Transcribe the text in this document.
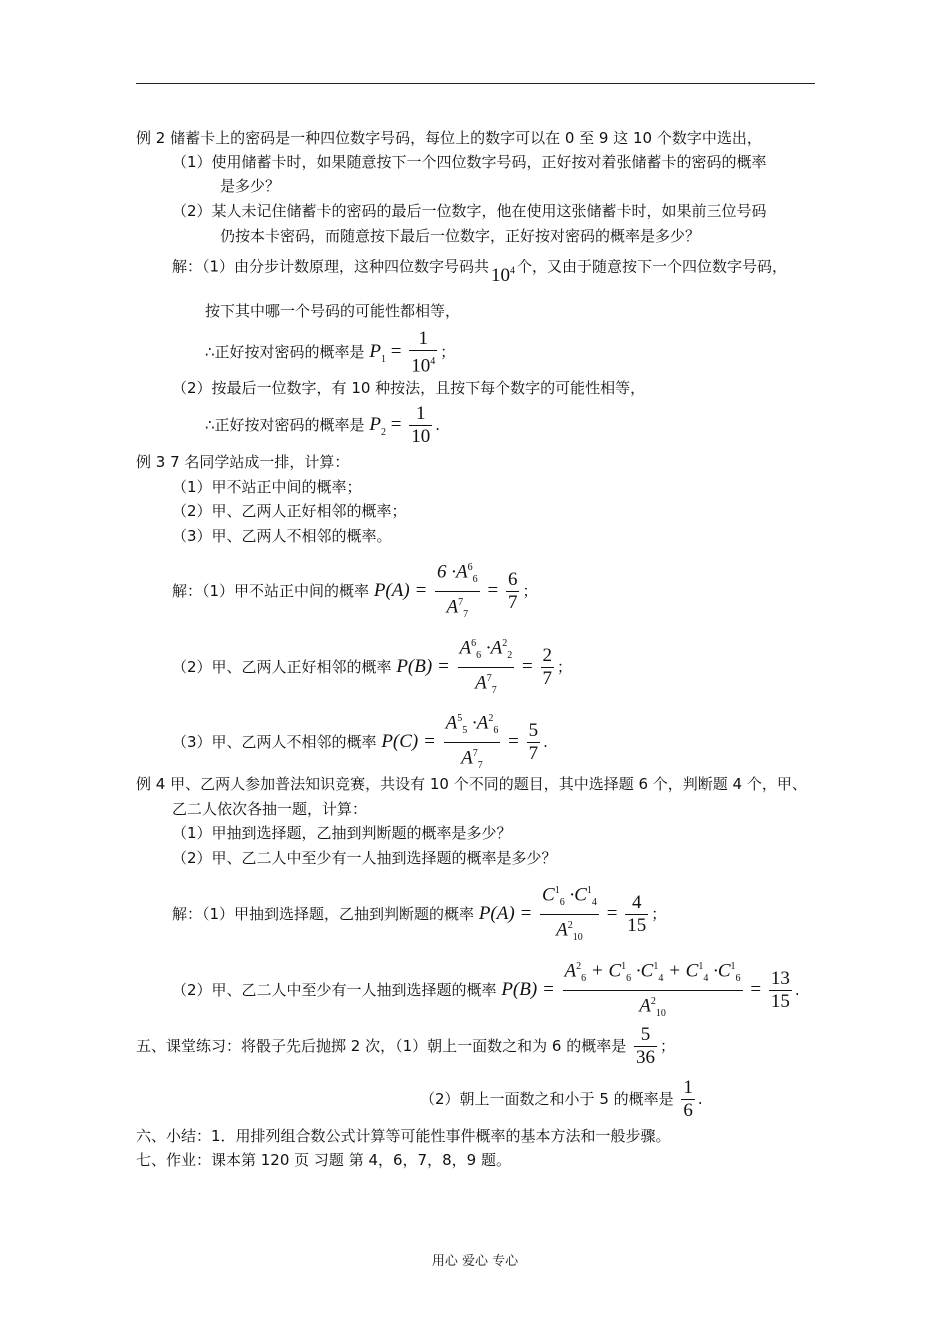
例 2 储蓄卡上的密码是一种四位数字号码，每位上的数字可以在 0 至 9 这 10 个数字中选出，
（1）使用储蓄卡时，如果随意按下一个四位数字号码，正好按对着张储蓄卡的密码的概率
是多少？
（2）某人未记住储蓄卡的密码的最后一位数字，他在使用这张储蓄卡时，如果前三位号码
仍按本卡密码，而随意按下最后一位数字，正好按对密码的概率是多少？
解：（1）由分步计数原理，这种四位数字号码共 $10^4$ 个，又由于随意按下一个四位数字号码，
按下其中哪一个号码的可能性都相等，
∴正好按对密码的概率是 $P_1 = \frac{1}{10^4}$ ；
（2）按最后一位数字，有 10 种按法，且按下每个数字的可能性相等，
∴正好按对密码的概率是 $P_2 = \frac{1}{10}$ .
例 3 7 名同学站成一排，计算：
（1）甲不站正中间的概率；
（2）甲、乙两人正好相邻的概率；
（3）甲、乙两人不相邻的概率。
解：（1）甲不站正中间的概率 $P(A) = \frac{6 \cdot A^6_6}{A^7_7} = \frac{6}{7}$ ；
（2）甲、乙两人正好相邻的概率 $P(B) = \frac{A^6_6 \cdot A^2_2}{A^7_7} = \frac{2}{7}$ ；
（3）甲、乙两人不相邻的概率 $P(C) = \frac{A^5_5 \cdot A^2_6}{A^7_7} = \frac{5}{7}$ .
例 4 甲、乙两人参加普法知识竞赛，共设有 10 个不同的题目，其中选择题 6 个，判断题 4 个，甲、
乙二人依次各抽一题，计算：
（1）甲抽到选择题，乙抽到判断题的概率是多少？
（2）甲、乙二人中至少有一人抽到选择题的概率是多少？
解：（1）甲抽到选择题，乙抽到判断题的概率 $P(A) = \frac{C^1_6 \cdot C^1_4}{A^2_{10}} = \frac{4}{15}$ ；
（2）甲、乙二人中至少有一人抽到选择题的概率 $P(B) = \frac{A^2_6 + C^1_6 \cdot C^1_4 + C^1_4 \cdot C^1_6}{A^2_{10}} = \frac{13}{15}$ .
五、课堂练习：将骰子先后抛掷 2 次，（1）朝上一面数之和为 6 的概率是 $\frac{5}{36}$ ；
（2）朝上一面数之和小于 5 的概率是 $\frac{1}{6}$ .
六、小结：1．用排列组合数公式计算等可能性事件概率的基本方法和一般步骤。
七、作业：课本第 120 页 习题 第 4，6，7，8，9 题。
用心 爱心 专心
